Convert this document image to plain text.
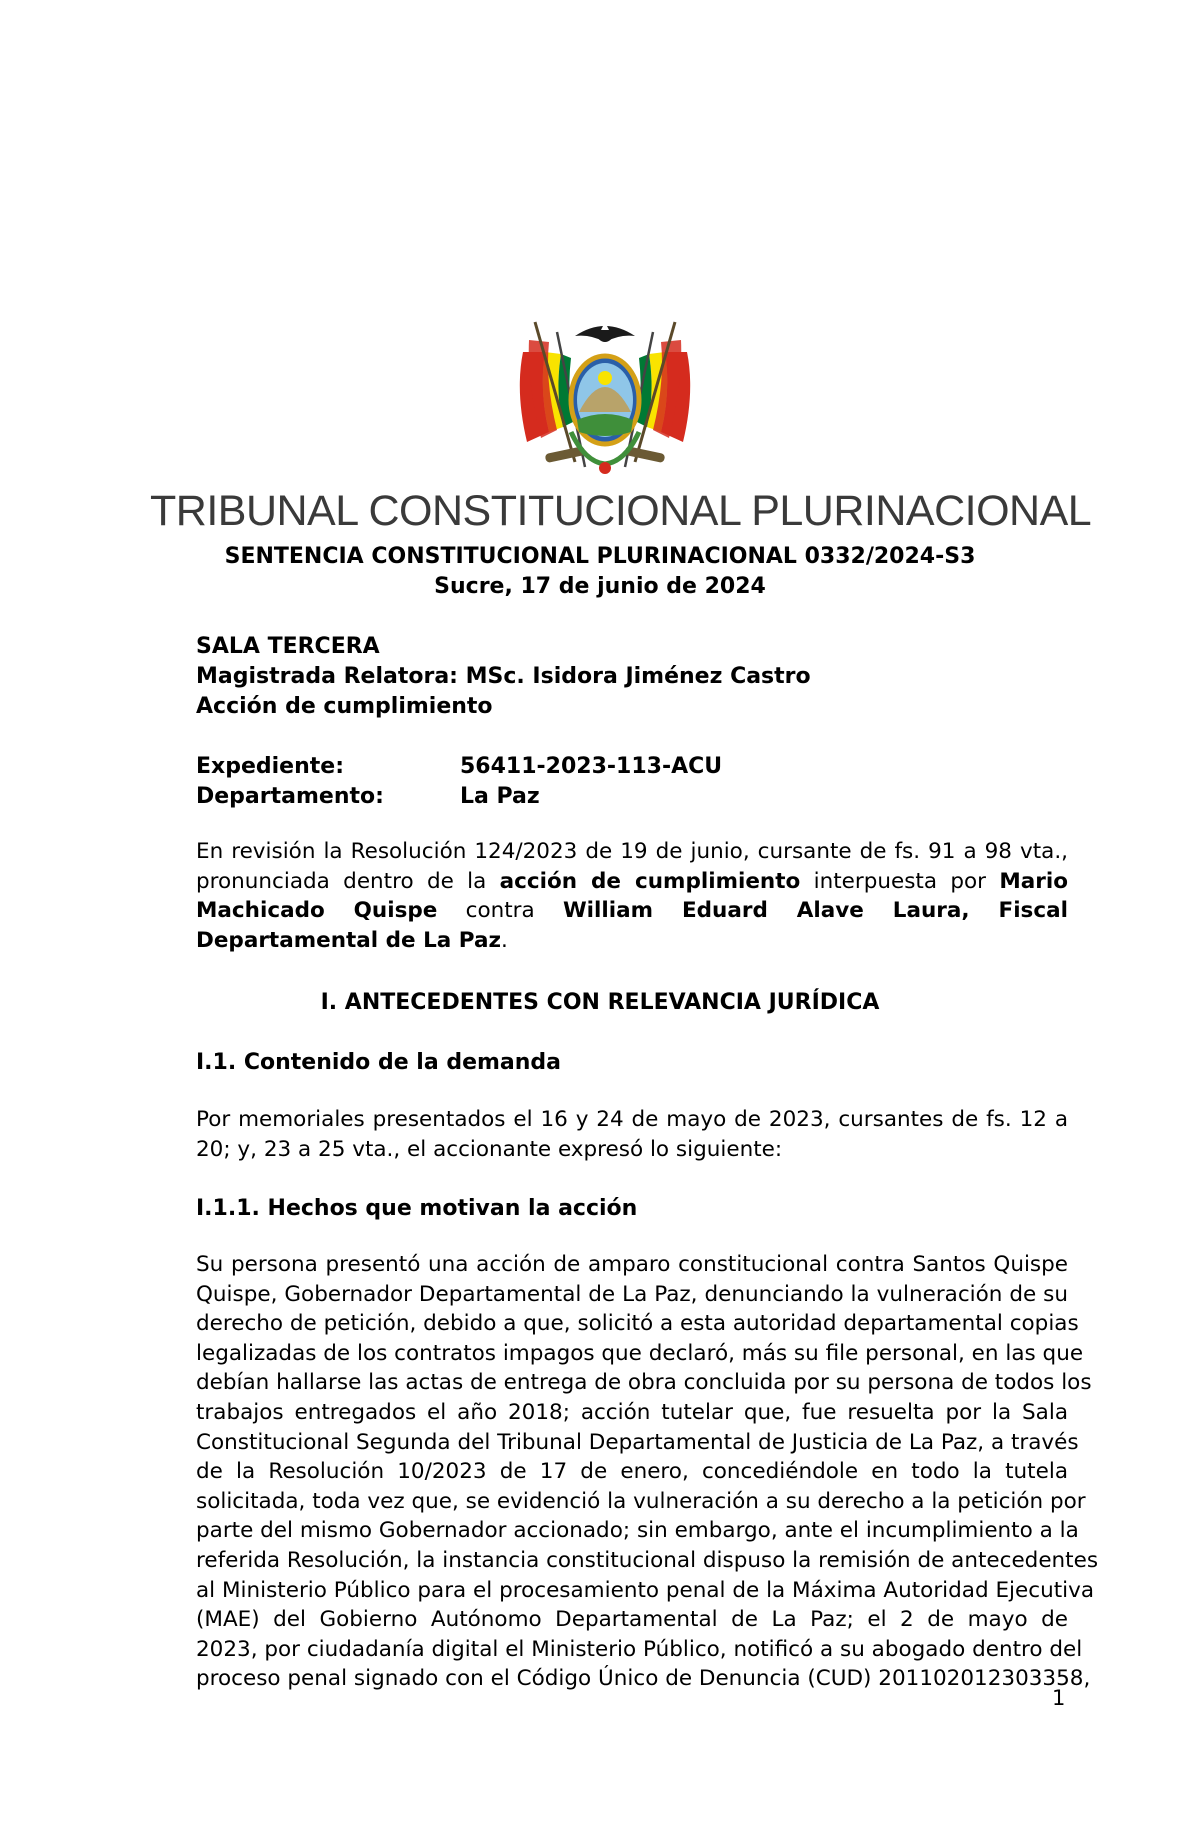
TRIBUNAL CONSTITUCIONAL PLURINACIONAL
SENTENCIA CONSTITUCIONAL PLURINACIONAL 0332/2024-S3
Sucre, 17 de junio de 2024
SALA TERCERA
Magistrada Relatora: MSc. Isidora Jiménez Castro
Acción de cumplimiento
Expediente:	56411-2023-113-ACU
Departamento:	La Paz
En revisión la Resolución 124/2023 de 19 de junio, cursante de fs. 91 a 98 vta.,
pronunciada dentro de la acción de cumplimiento interpuesta por Mario
Machicado Quispe contra William Eduard Alave Laura, Fiscal
Departamental de La Paz.
I. ANTECEDENTES CON RELEVANCIA JURÍDICA
I.1. Contenido de la demanda
Por memoriales presentados el 16 y 24 de mayo de 2023, cursantes de fs. 12 a
20; y, 23 a 25 vta., el accionante expresó lo siguiente:
I.1.1. Hechos que motivan la acción
Su persona presentó una acción de amparo constitucional contra Santos Quispe
Quispe, Gobernador Departamental de La Paz, denunciando la vulneración de su
derecho de petición, debido a que, solicitó a esta autoridad departamental copias
legalizadas de los contratos impagos que declaró, más su file personal, en las que
debían hallarse las actas de entrega de obra concluida por su persona de todos los
trabajos entregados el año 2018; acción tutelar que, fue resuelta por la Sala
Constitucional Segunda del Tribunal Departamental de Justicia de La Paz, a través
de la Resolución 10/2023 de 17 de enero, concediéndole en todo la tutela
solicitada, toda vez que, se evidenció la vulneración a su derecho a la petición por
parte del mismo Gobernador accionado; sin embargo, ante el incumplimiento a la
referida Resolución, la instancia constitucional dispuso la remisión de antecedentes
al Ministerio Público para el procesamiento penal de la Máxima Autoridad Ejecutiva
(MAE) del Gobierno Autónomo Departamental de La Paz; el 2 de mayo de
2023, por ciudadanía digital el Ministerio Público, notificó a su abogado dentro del
proceso penal signado con el Código Único de Denuncia (CUD) 201102012303358,
1
